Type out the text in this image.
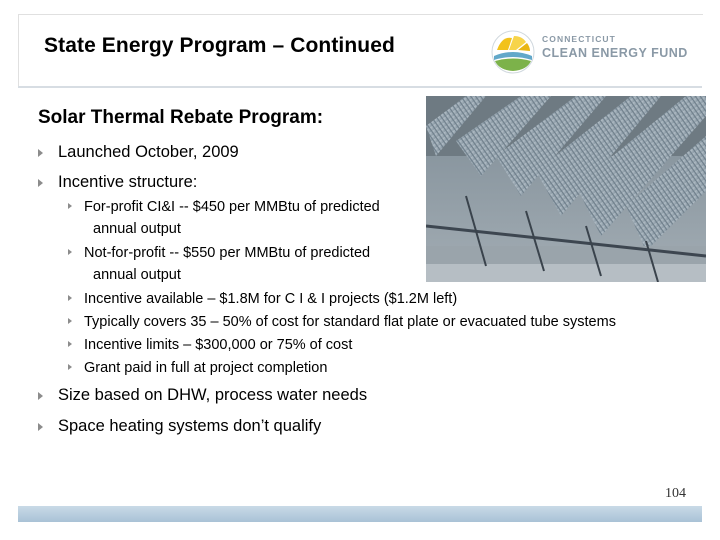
State Energy Program – Continued	CONNECTICUT
CLEAN ENERGY FUND
Solar Thermal Rebate Program:
Launched October, 2009
Incentive structure:
For-profit CI&I -- $450 per MMBtu of predicted
annual output
Not-for-profit -- $550 per MMBtu of predicted
annual output
Incentive available – $1.8M for C I & I projects ($1.2M left)
Typically covers 35 – 50% of cost for standard flat plate or evacuated tube systems
Incentive limits – $300,000 or 75% of cost
Grant paid in full at project completion
Size based on DHW, process water needs
Space heating systems don’t qualify
104
